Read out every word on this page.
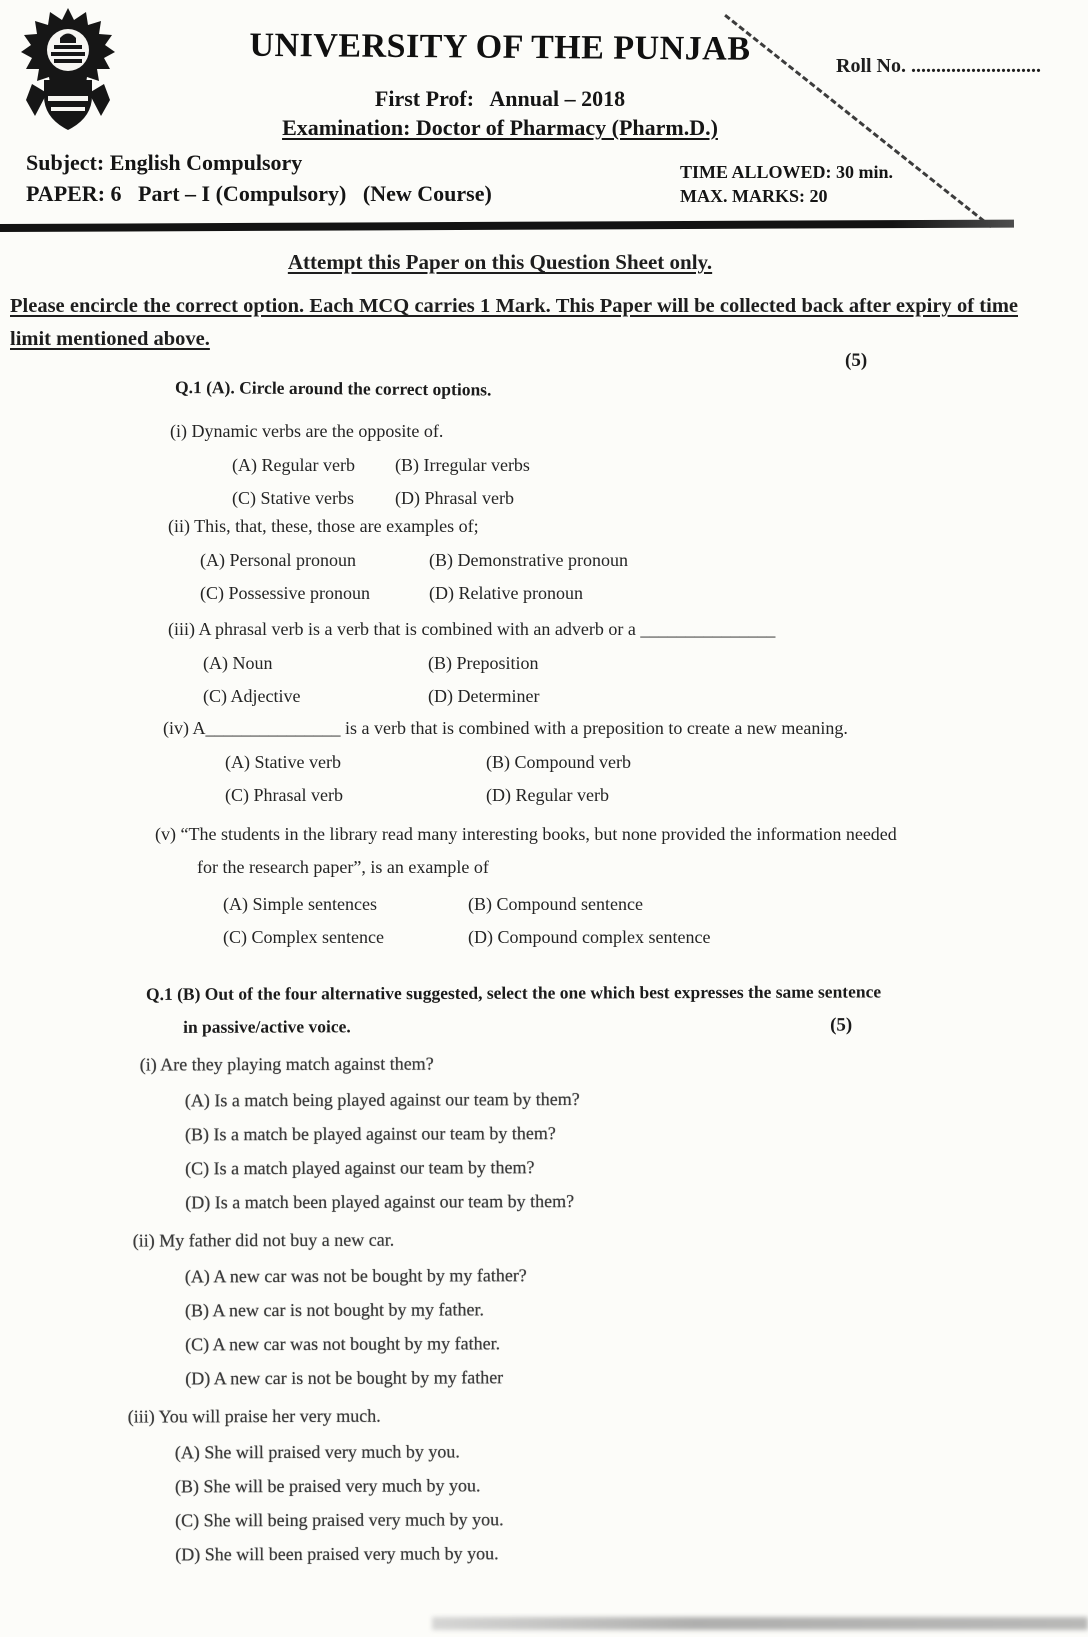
UNIVERSITY OF THE PUNJAB
First Prof:   Annual – 2018
Examination: Doctor of Pharmacy (Pharm.D.)
Roll No. ..........................
Subject: English Compulsory
PAPER: 6   Part – I (Compulsory)   (New Course)
TIME ALLOWED: 30 min.
MAX. MARKS: 20
Attempt this Paper on this Question Sheet only.
Please encircle the correct option. Each MCQ carries 1 Mark. This Paper will be collected back after expiry of time limit mentioned above.
(5)
Q.1 (A). Circle around the correct options.
(i) Dynamic verbs are the opposite of.
(A) Regular verb	(B) Irregular verbs
(C) Stative verbs	(D) Phrasal verb
(ii) This, that, these, those are examples of;
(A) Personal pronoun	(B) Demonstrative pronoun
(C) Possessive pronoun	(D) Relative pronoun
(iii) A phrasal verb is a verb that is combined with an adverb or a _______________
(A) Noun	(B) Preposition
(C) Adjective	(D) Determiner
(iv) A_______________ is a verb that is combined with a preposition to create a new meaning.
(A) Stative verb	(B) Compound verb
(C) Phrasal verb	(D) Regular verb
(v) “The students in the library read many interesting books, but none provided the information needed for the research paper”, is an example of
(A) Simple sentences	(B) Compound sentence
(C) Complex sentence	(D) Compound complex sentence
Q.1 (B) Out of the four alternative suggested, select the one which best expresses the same sentence in passive/active voice.	(5)
(i) Are they playing match against them?
(A) Is a match being played against our team by them?
(B) Is a match be played against our team by them?
(C) Is a match played against our team by them?
(D) Is a match been played against our team by them?
(ii) My father did not buy a new car.
(A) A new car was not be bought by my father?
(B) A new car is not bought by my father.
(C) A new car was not bought by my father.
(D) A new car is not be bought by my father
(iii) You will praise her very much.
(A) She will praised very much by you.
(B) She will be praised very much by you.
(C) She will being praised very much by you.
(D) She will been praised very much by you.
